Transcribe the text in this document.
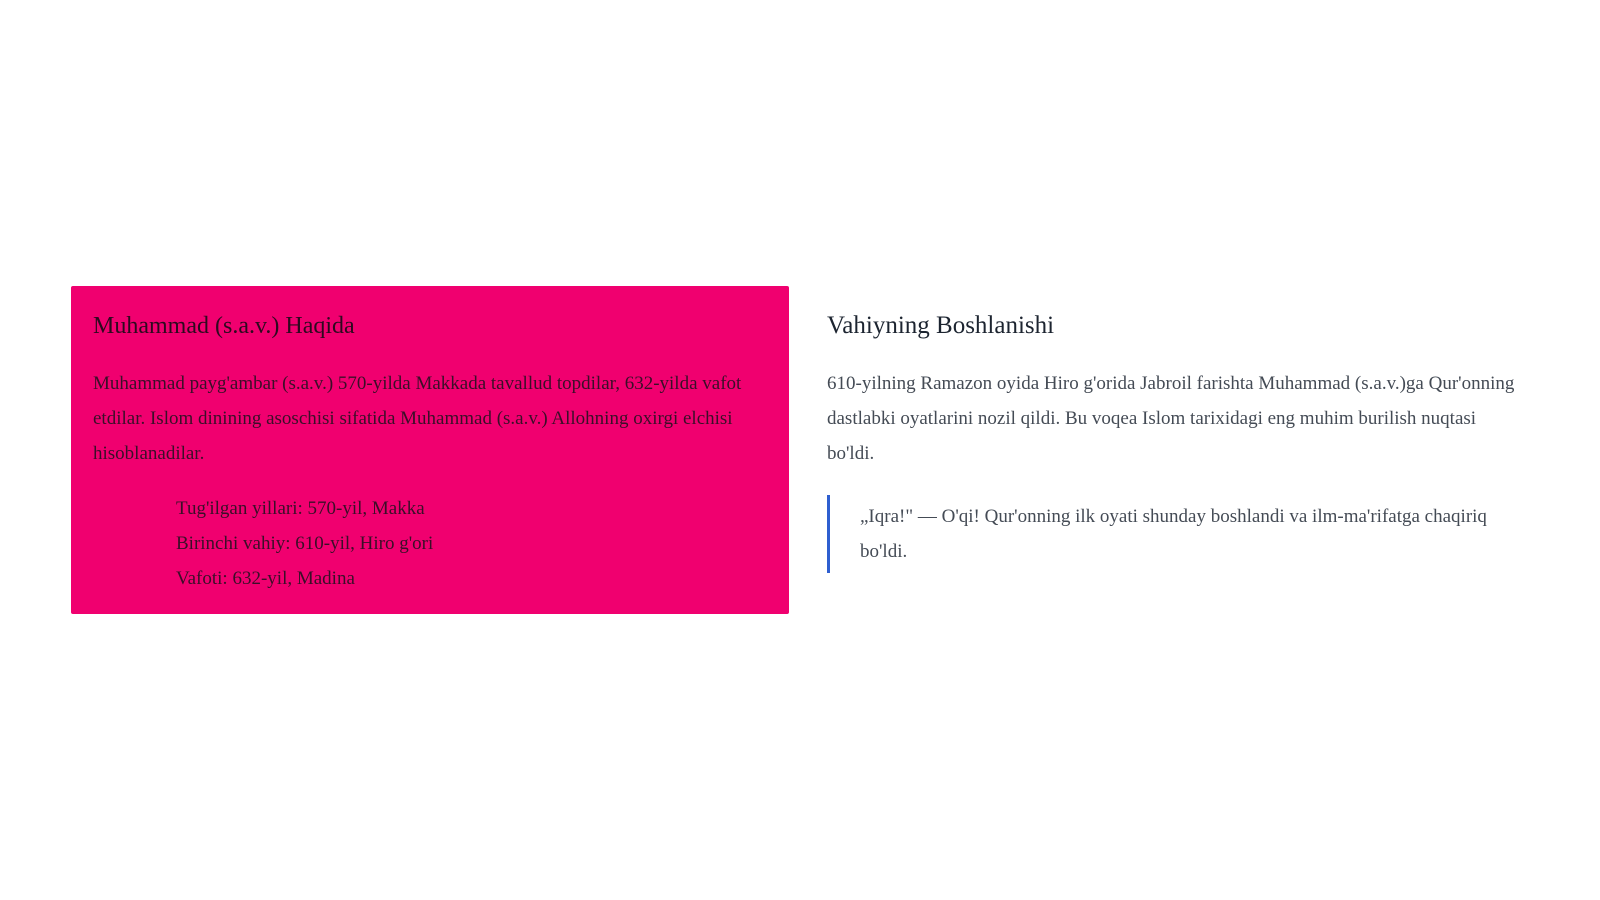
Muhammad (s.a.v.) Haqida

Muhammad payg'ambar (s.a.v.) 570-yilda Makkada tavallud topdilar, 632-yilda vafot etdilar. Islom dinining asoschisi sifatida Muhammad (s.a.v.) Allohning oxirgi elchisi hisoblanadilar.

Tug'ilgan yillari: 570-yil, Makka
Birinchi vahiy: 610-yil, Hiro g'ori
Vafoti: 632-yil, Madina
Vahiyning Boshlanishi

610-yilning Ramazon oyida Hiro g'orida Jabroil farishta Muhammad (s.a.v.)ga Qur'onning dastlabki oyatlarini nozil qildi. Bu voqea Islom tarixidagi eng muhim burilish nuqtasi bo'ldi.

„Iqra!" — O'qi! Qur'onning ilk oyati shunday boshlandi va ilm-ma'rifatga chaqiriq bo'ldi.
